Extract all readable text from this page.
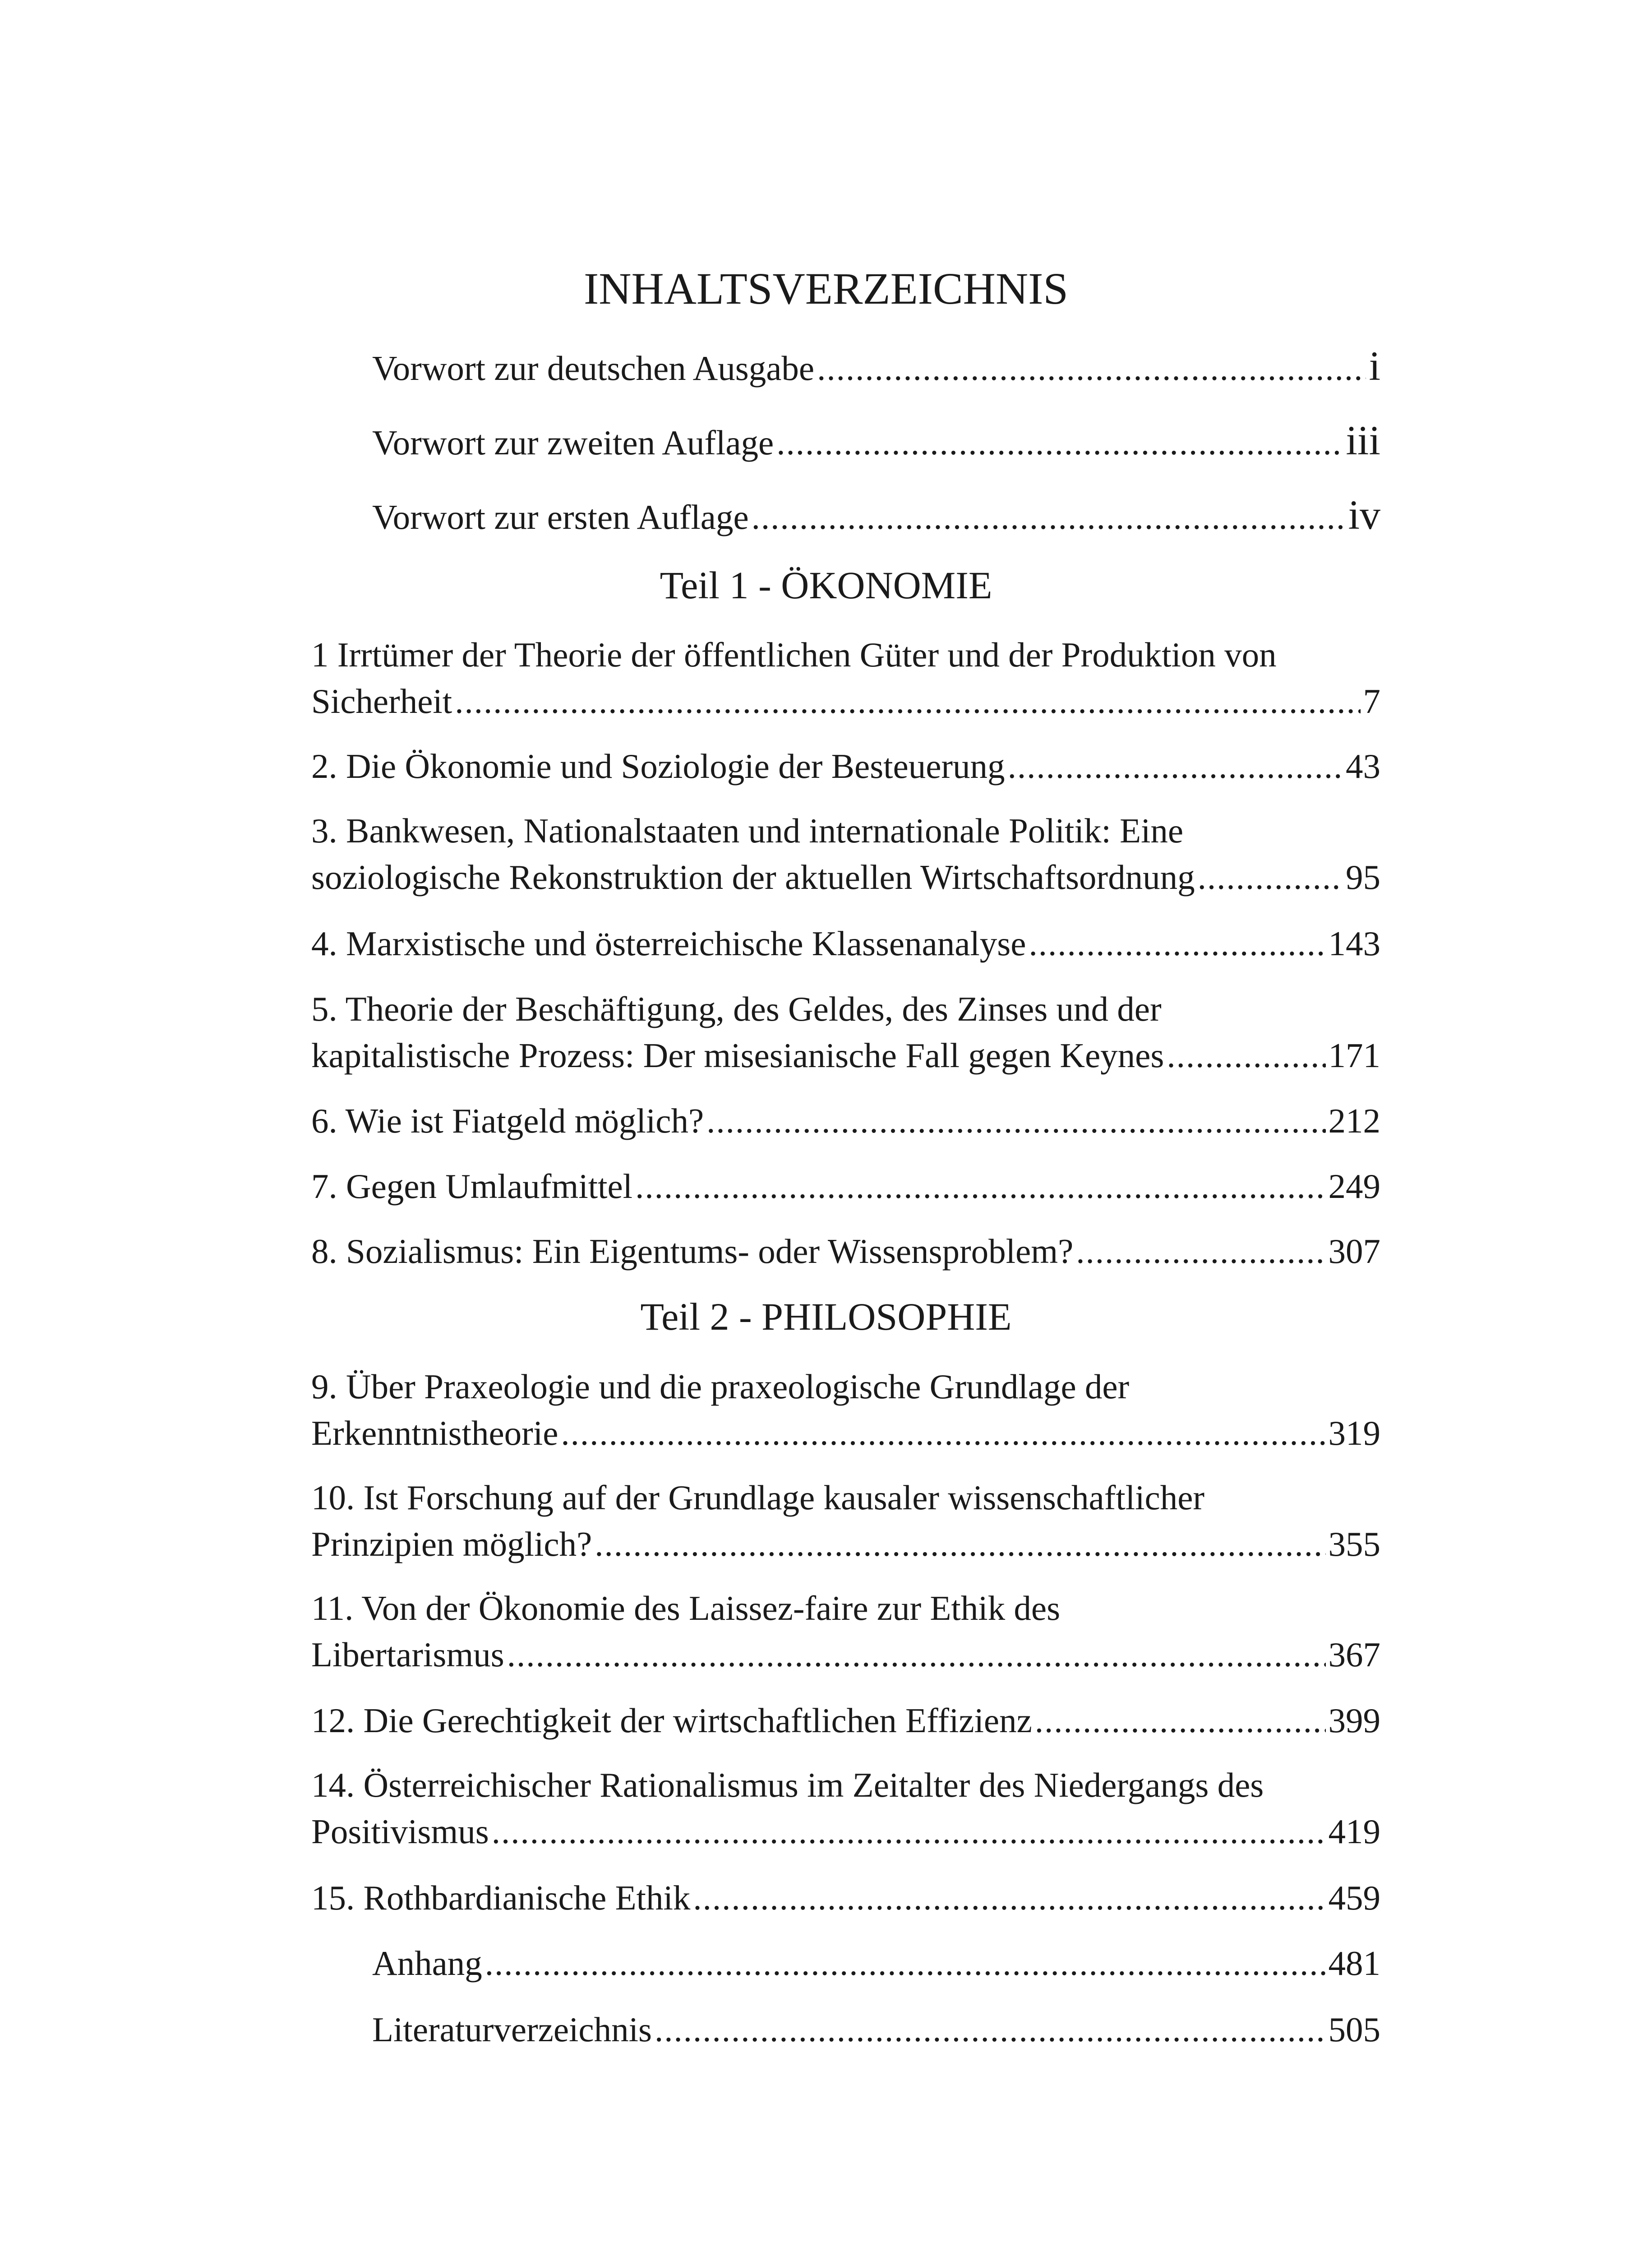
INHALTSVERZEICHNIS
Vorwort zur deutschen Ausgabe .....	i
Vorwort zur zweiten Auflage .....	iii
Vorwort zur ersten Auflage .....	iv
Teil 1 - ÖKONOMIE
1 Irrtümer der Theorie der öffentlichen Güter und der Produktion von
Sicherheit .....	7
2. Die Ökonomie und Soziologie der Besteuerung .....	43
3. Bankwesen, Nationalstaaten und internationale Politik: Eine
soziologische Rekonstruktion der aktuellen Wirtschaftsordnung .....	95
4. Marxistische und österreichische Klassenanalyse .....	143
5. Theorie der Beschäftigung, des Geldes, des Zinses und der
kapitalistische Prozess: Der misesianische Fall gegen Keynes .....	171
6. Wie ist Fiatgeld möglich? .....	212
7. Gegen Umlaufmittel .....	249
8. Sozialismus: Ein Eigentums- oder Wissensproblem? .....	307
Teil 2 - PHILOSOPHIE
9. Über Praxeologie und die praxeologische Grundlage der
Erkenntnistheorie .....	319
10. Ist Forschung auf der Grundlage kausaler wissenschaftlicher
Prinzipien möglich? .....	355
11. Von der Ökonomie des Laissez-faire zur Ethik des
Libertarismus .....	367
12. Die Gerechtigkeit der wirtschaftlichen Effizienz .....	399
14. Österreichischer Rationalismus im Zeitalter des Niedergangs des
Positivismus .....	419
15. Rothbardianische Ethik .....	459
Anhang .....	481
Literaturverzeichnis .....	505
